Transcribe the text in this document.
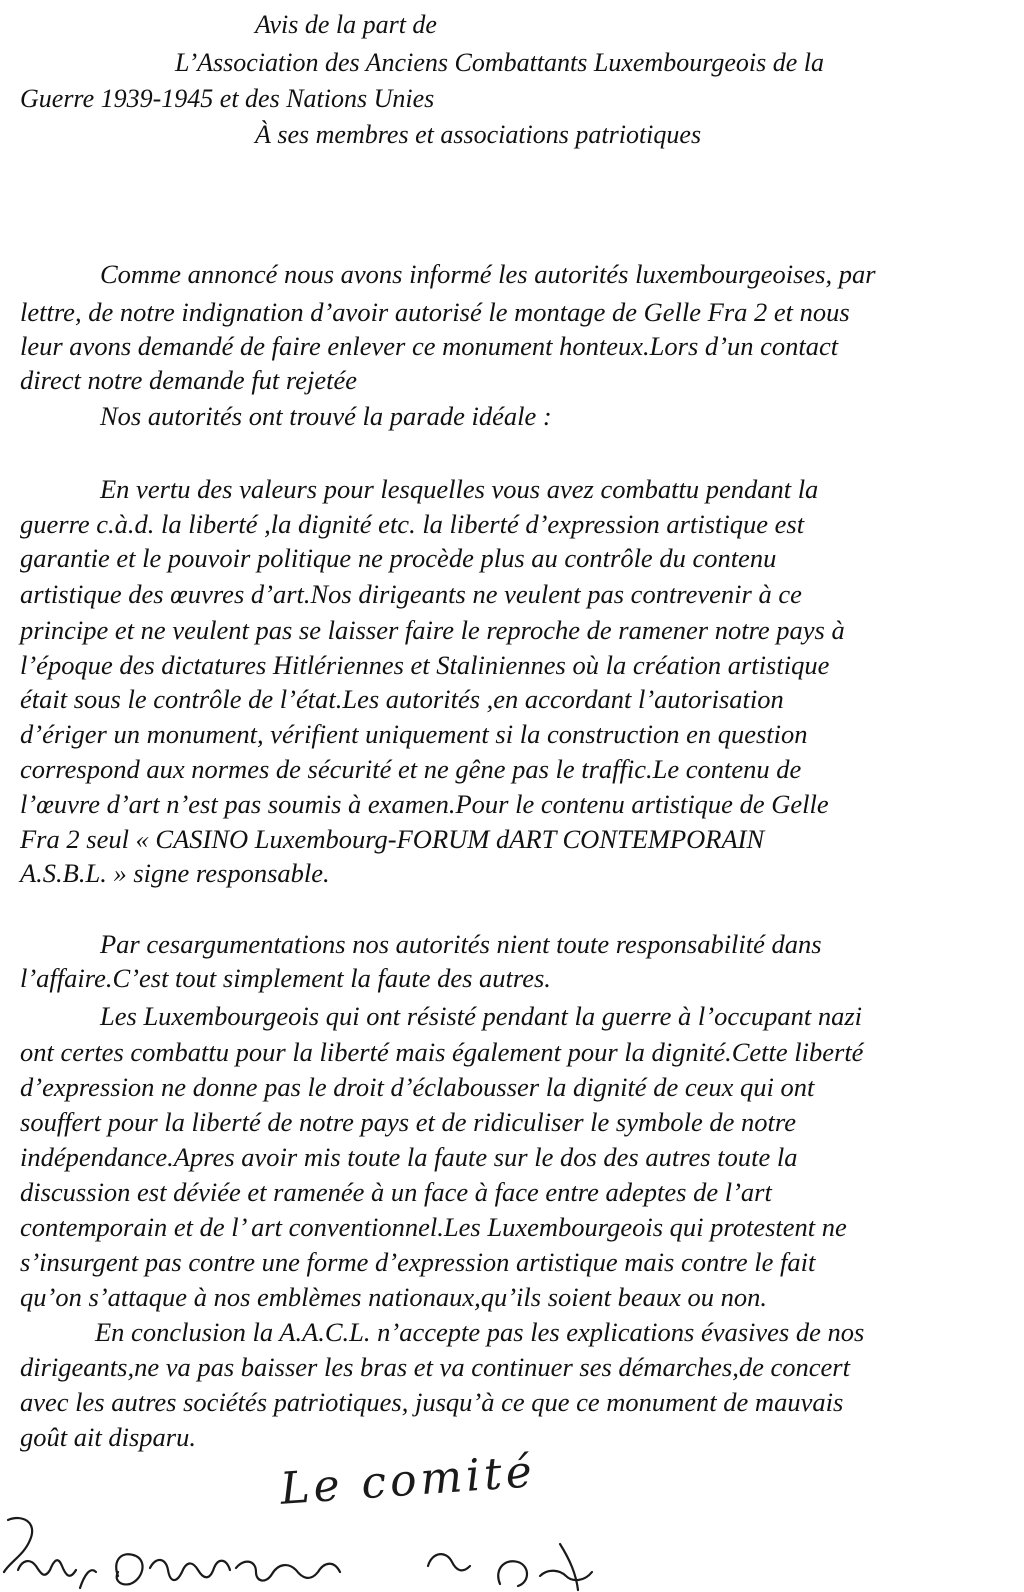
Avis de la part de
L’Association des Anciens Combattants Luxembourgeois de la
Guerre 1939-1945 et des Nations Unies
À ses membres et associations patriotiques
Comme annoncé nous avons informé les autorités luxembourgeoises, par
lettre, de notre indignation d’avoir autorisé le montage de Gelle Fra 2 et nous
leur avons demandé de faire enlever ce monument honteux.Lors d’un contact
direct notre demande fut rejetée
Nos autorités ont trouvé la parade idéale :
En vertu des valeurs pour lesquelles vous avez combattu pendant la
guerre c.à.d. la liberté ,la dignité etc. la liberté d’expression artistique est
garantie et le pouvoir politique ne procède plus au contrôle du contenu
artistique des œuvres d’art.Nos dirigeants ne veulent pas contrevenir à ce
principe et ne veulent pas se laisser faire le reproche de ramener notre pays à
l’époque des dictatures Hitlériennes et Staliniennes où la création artistique
était sous le contrôle de l’état.Les autorités ,en accordant l’autorisation
d’ériger un monument, vérifient uniquement si la construction en question
correspond aux normes de sécurité et ne gêne pas le traffic.Le contenu de
l’œuvre d’art n’est pas soumis à examen.Pour le contenu artistique de Gelle
Fra 2 seul « CASINO Luxembourg-FORUM dART CONTEMPORAIN
A.S.B.L. » signe responsable.
Par cesargumentations nos autorités nient toute responsabilité dans
l’affaire.C’est tout simplement la faute des autres.
Les Luxembourgeois qui ont résisté pendant la guerre à l’occupant nazi
ont certes combattu pour la liberté mais également pour la dignité.Cette liberté
d’expression ne donne pas le droit d’éclabousser la dignité de ceux qui ont
souffert pour la liberté de notre pays et de ridiculiser le symbole de notre
indépendance.Apres avoir mis toute la faute sur le dos des autres toute la
discussion est déviée et ramenée à un face à face entre adeptes de l’art
contemporain et de l’ art conventionnel.Les Luxembourgeois qui protestent ne
s’insurgent pas contre une forme d’expression artistique mais contre le fait
qu’on s’attaque à nos emblèmes nationaux,qu’ils soient beaux ou non.
En conclusion la A.A.C.L. n’accepte pas les explications évasives de nos
dirigeants,ne va pas baisser les bras et va continuer ses démarches,de concert
avec les autres sociétés patriotiques, jusqu’à ce que ce monument de mauvais
goût ait disparu.
Le comité
